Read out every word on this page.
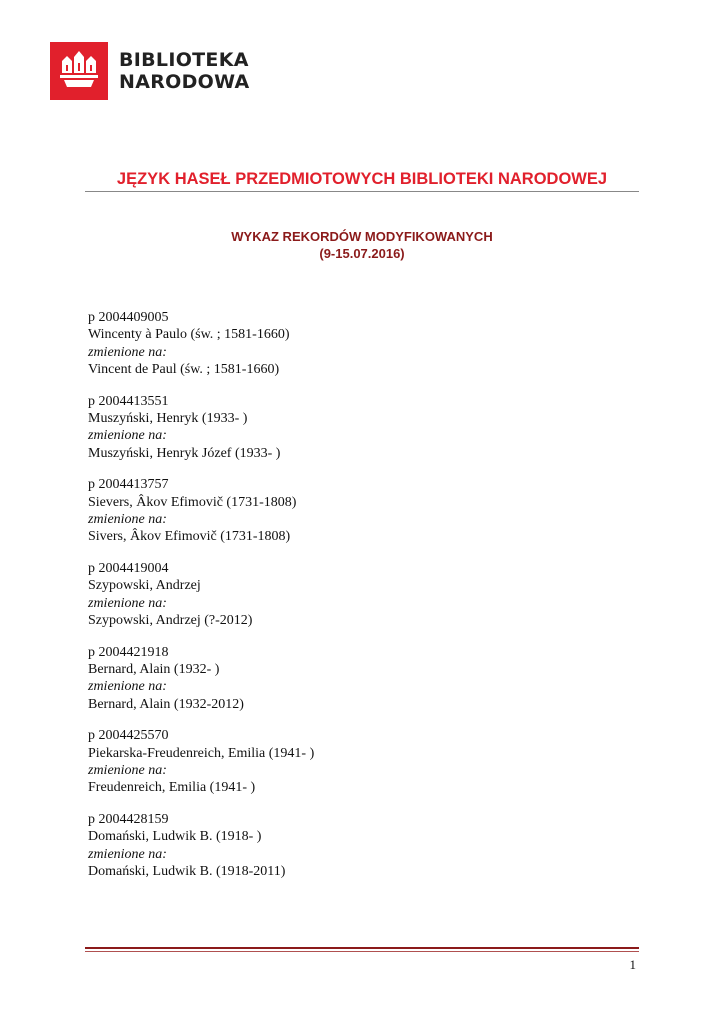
BIBLIOTEKA
NARODOWA
JĘZYK HASEŁ PRZEDMIOTOWYCH BIBLIOTEKI NARODOWEJ
WYKAZ REKORDÓW MODYFIKOWANYCH
(9-15.07.2016)
p 2004409005
Wincenty à Paulo (św. ; 1581-1660)
zmienione na:
Vincent de Paul (św. ; 1581-1660)
p 2004413551
Muszyński, Henryk (1933- )
zmienione na:
Muszyński, Henryk Józef (1933- )
p 2004413757
Sievers, Âkov Efimovič (1731-1808)
zmienione na:
Sivers, Âkov Efimovič (1731-1808)
p 2004419004
Szypowski, Andrzej
zmienione na:
Szypowski, Andrzej (?-2012)
p 2004421918
Bernard, Alain (1932- )
zmienione na:
Bernard, Alain (1932-2012)
p 2004425570
Piekarska-Freudenreich, Emilia (1941- )
zmienione na:
Freudenreich, Emilia (1941- )
p 2004428159
Domański, Ludwik B. (1918- )
zmienione na:
Domański, Ludwik B. (1918-2011)
1
